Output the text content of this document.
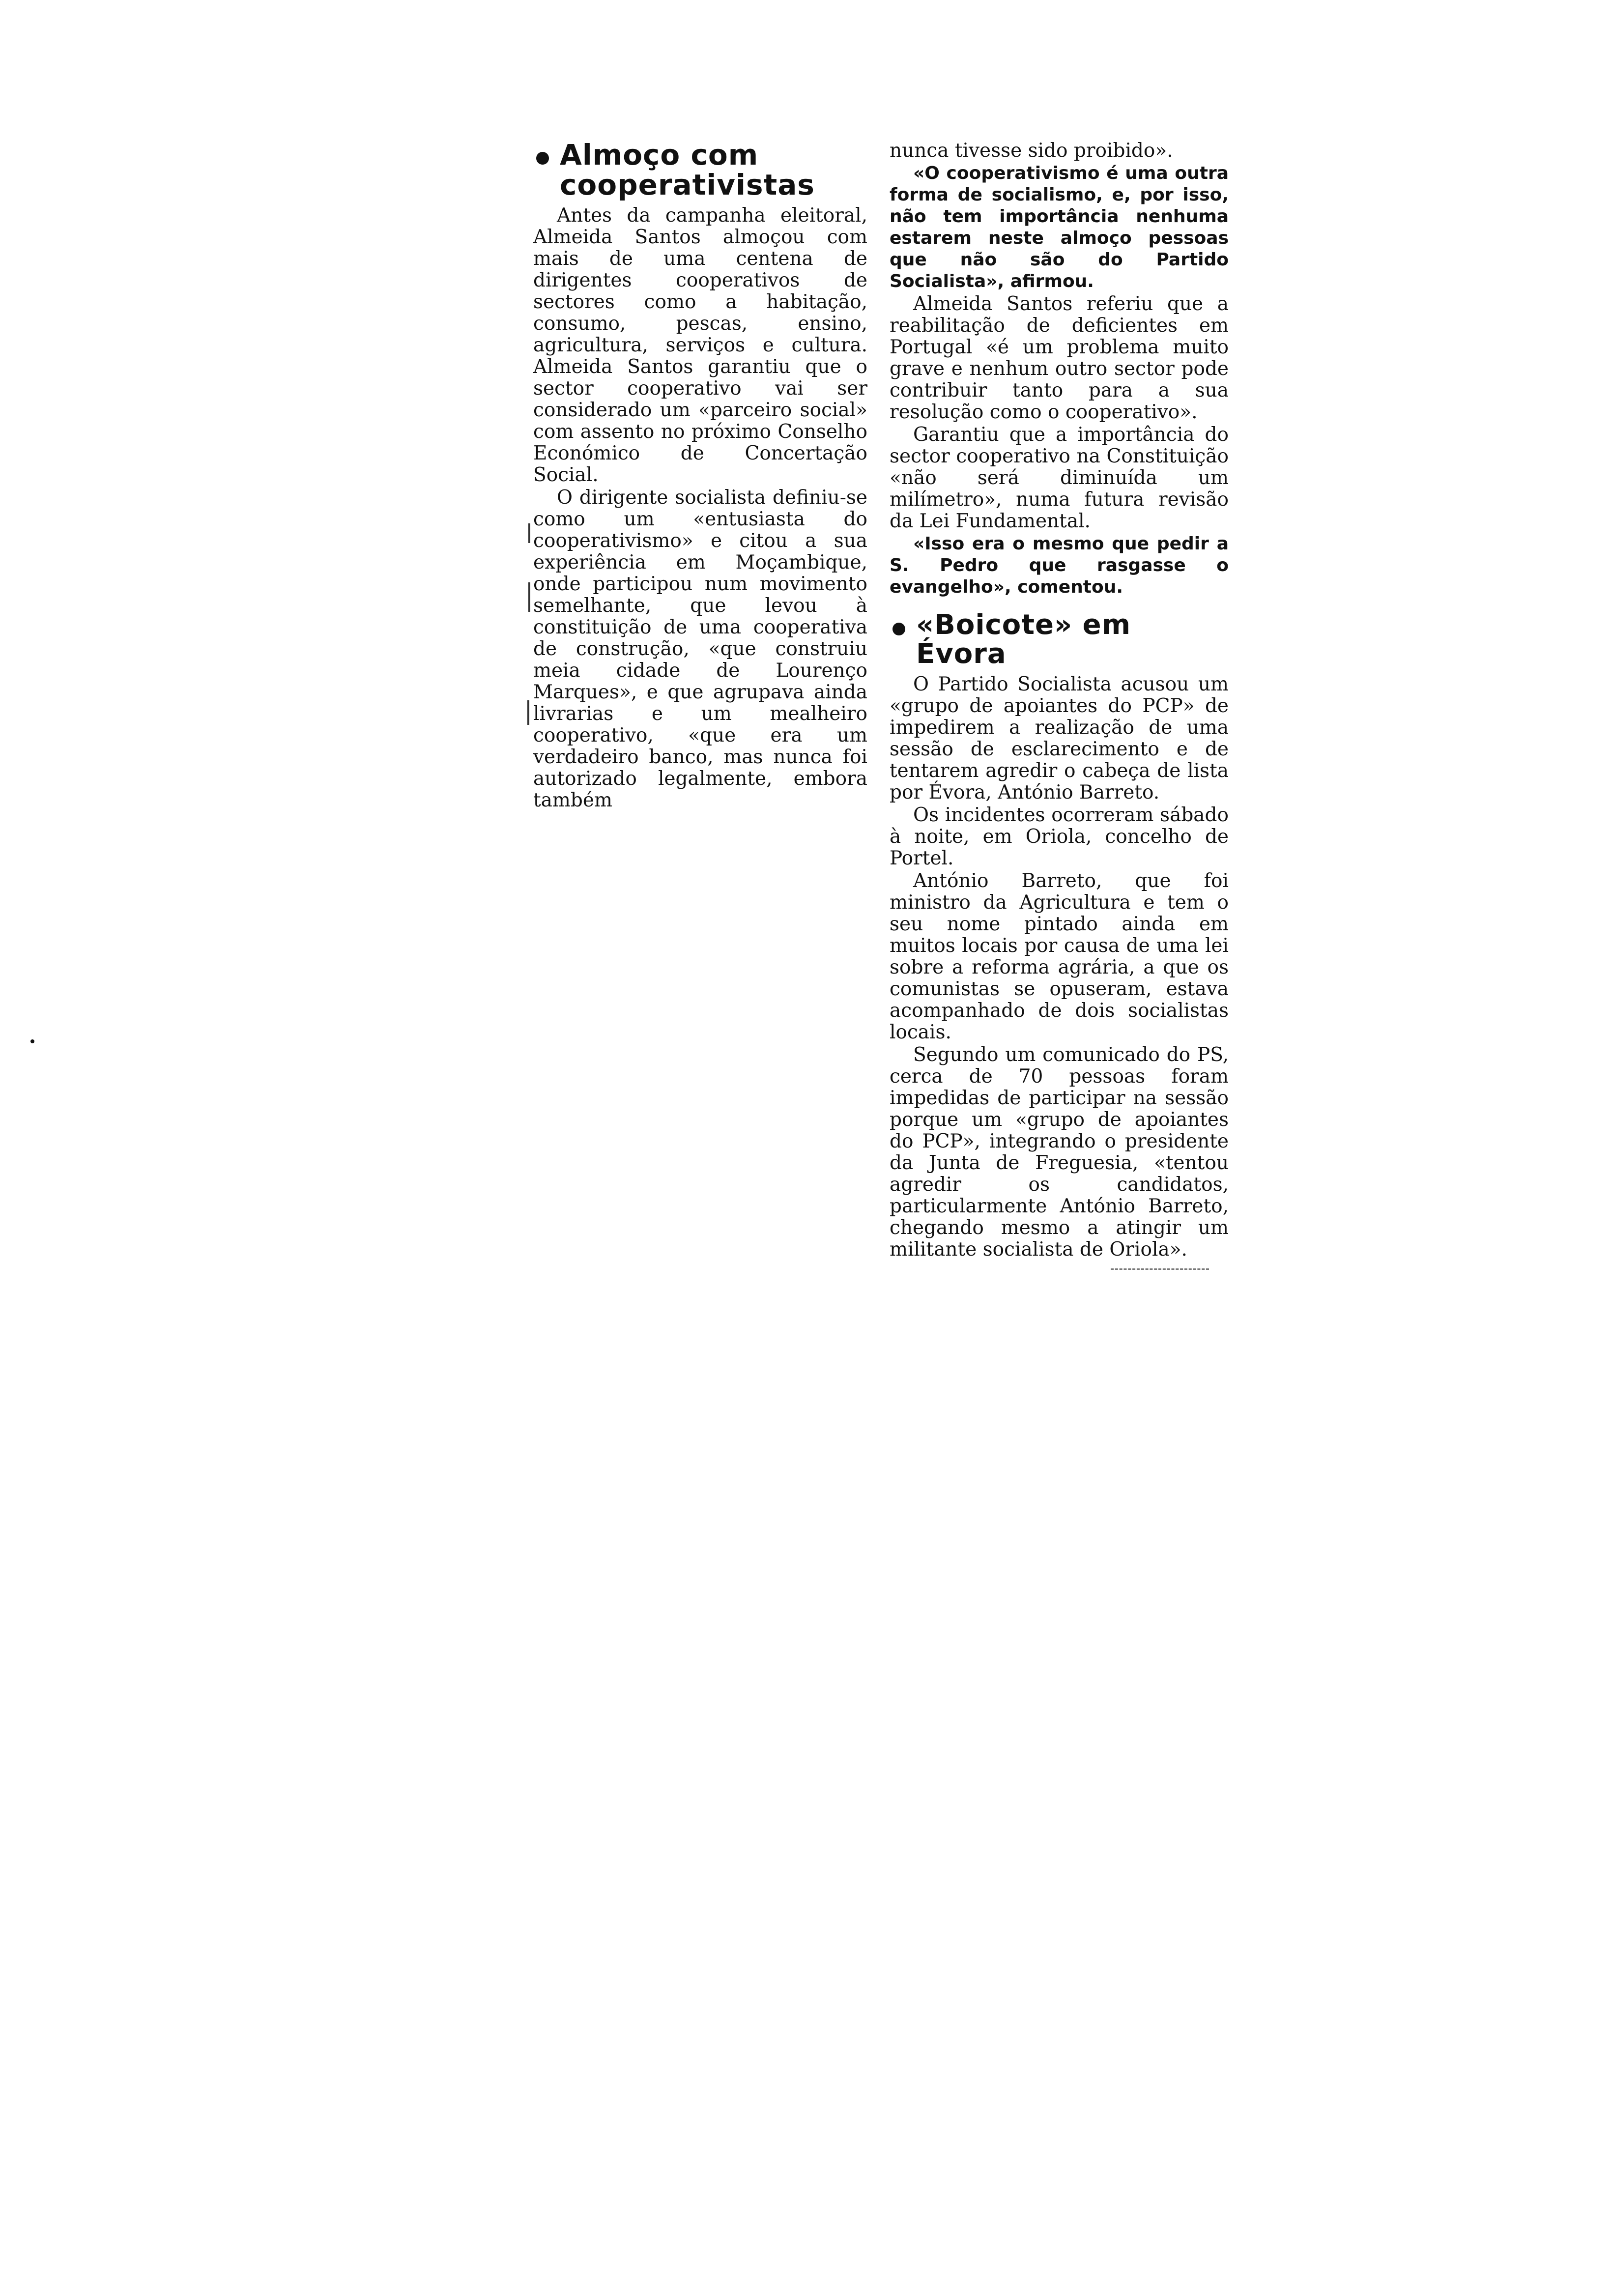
Almoço com cooperativistas

Antes da campanha eleitoral, Almeida Santos almoçou com mais de uma centena de dirigentes cooperativos de sectores como a habitação, consumo, pescas, ensino, agricultura, serviços e cultura. Almeida Santos garantiu que o sector cooperativo vai ser considerado um «parceiro social» com assento no próximo Conselho Económico de Concertação Social.

O dirigente socialista definiu-se como um «entusiasta do cooperativismo» e citou a sua experiência em Moçambique, onde participou num movimento semelhante, que levou à constituição de uma cooperativa de construção, «que construiu meia cidade de Lourenço Marques», e que agrupava ainda livrarias e um mealheiro cooperativo, «que era um verdadeiro banco, mas nunca foi autorizado legalmente, embora também

nunca tivesse sido proibido».

«O cooperativismo é uma outra forma de socialismo, e, por isso, não tem importância nenhuma estarem neste almoço pessoas que não são do Partido Socialista», afirmou.

Almeida Santos referiu que a reabilitação de deficientes em Portugal «é um problema muito grave e nenhum outro sector pode contribuir tanto para a sua resolução como o cooperativo».

Garantiu que a importância do sector cooperativo na Constituição «não será diminuída um milímetro», numa futura revisão da Lei Fundamental.

«Isso era o mesmo que pedir a S. Pedro que rasgasse o evangelho», comentou.

«Boicote» em Évora

O Partido Socialista acusou um «grupo de apoiantes do PCP» de impedirem a realização de uma sessão de esclarecimento e de tentarem agredir o cabeça de lista por Évora, António Barreto.

Os incidentes ocorreram sábado à noite, em Oriola, concelho de Portel.

António Barreto, que foi ministro da Agricultura e tem o seu nome pintado ainda em muitos locais por causa de uma lei sobre a reforma agrária, a que os comunistas se opuseram, estava acompanhado de dois socialistas locais.

Segundo um comunicado do PS, cerca de 70 pessoas foram impedidas de participar na sessão porque um «grupo de apoiantes do PCP», integrando o presidente da Junta de Freguesia, «tentou agredir os candidatos, particularmente António Barreto, chegando mesmo a atingir um militante socialista de Oriola».
